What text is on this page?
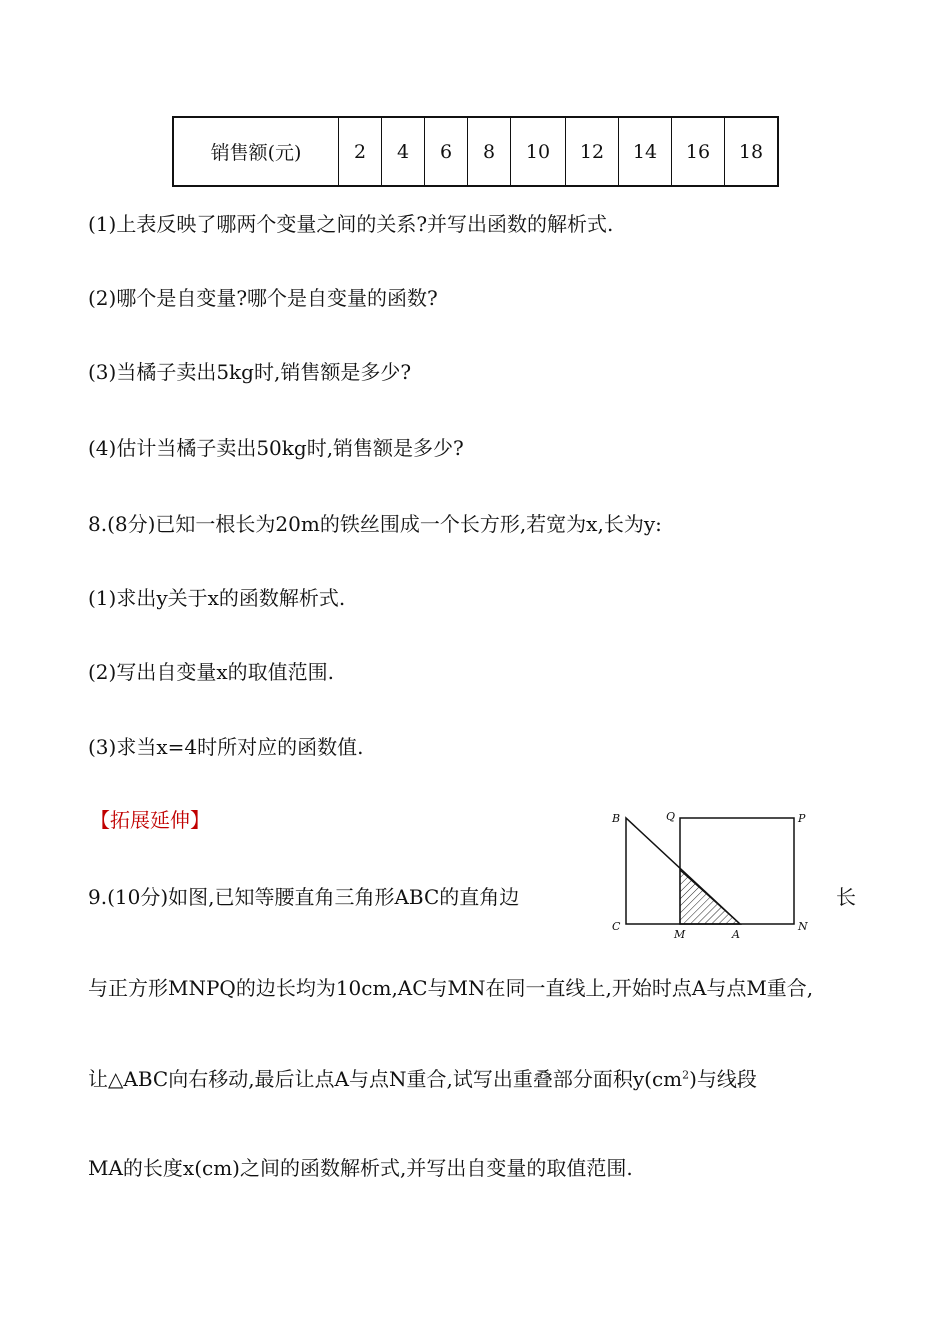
销售额(元)	2	4	6	8	10	12	14	16	18
(1)上表反映了哪两个变量之间的关系?并写出函数的解析式.
(2)哪个是自变量?哪个是自变量的函数?
(3)当橘子卖出5kg时,销售额是多少?
(4)估计当橘子卖出50kg时,销售额是多少?
8.(8分)已知一根长为20m的铁丝围成一个长方形,若宽为x,长为y:
(1)求出y关于x的函数解析式.
(2)写出自变量x的取值范围.
(3)求当x=4时所对应的函数值.
【拓展延伸】
9.(10分)如图,已知等腰直角三角形ABC的直角边	长
与正方形MNPQ的边长均为10cm,AC与MN在同一直线上,开始时点A与点M重合,
让△ABC向右移动,最后让点A与点N重合,试写出重叠部分面积$y(cm^2)$与线段
MA的长度x(cm)之间的函数解析式,并写出自变量的取值范围.
B	Q	P
C
M	A
N
